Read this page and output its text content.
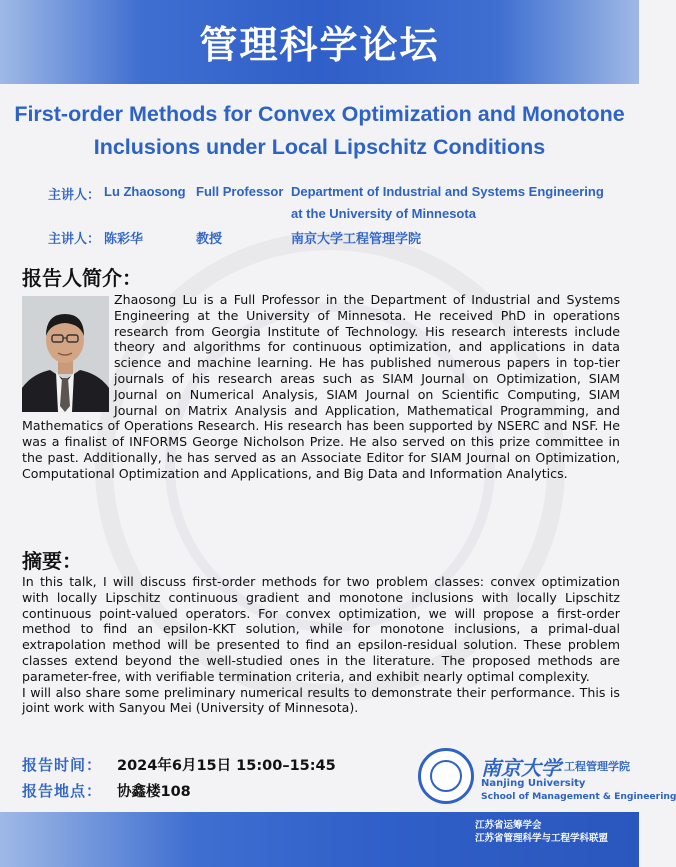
管理科学论坛
First-order Methods for Convex Optimization and Monotone
Inclusions under Local Lipschitz Conditions
主讲人： Lu Zhaosong Full Professor Department of Industrial and Systems Engineering
at the University of Minnesota
主讲人： 陈彩华	教授	南京大学工程管理学院
报告人简介：
Zhaosong Lu is a Full Professor in the Department of Industrial and Systems Engineering at the University of Minnesota. He received PhD in operations research from Georgia Institute of Technology. His research interests include theory and algorithms for continuous optimization, and applications in data science and machine learning. He has published numerous papers in top-tier journals of his research areas such as SIAM Journal on Optimization, SIAM Journal on Numerical Analysis, SIAM Journal on Scientific Computing, SIAM Journal on Matrix Analysis and Application, Mathematical Programming, and Mathematics of Operations Research. His research has been supported by NSERC and NSF. He was a finalist of INFORMS George Nicholson Prize. He also served on this prize committee in the past. Additionally, he has served as an Associate Editor for SIAM Journal on Optimization, Computational Optimization and Applications, and Big Data and Information Analytics.
摘要：

In this talk, I will discuss first-order methods for two problem classes: convex optimization with locally Lipschitz continuous gradient and monotone inclusions with locally Lipschitz continuous point-valued operators. For convex optimization, we will propose a first-order method to find an epsilon-KKT solution, while for monotone inclusions, a primal-dual extrapolation method will be presented to find an epsilon-residual solution. These problem classes extend beyond the well-studied ones in the literature. The proposed methods are parameter-free, with verifiable termination criteria, and exhibit nearly optimal complexity.

I will also share some preliminary numerical results to demonstrate their performance. This is joint work with Sanyou Mei (University of Minnesota).

报告时间： 2024年6月15日 15:00–15:45
报告地点： 协鑫楼108
南京大学 工程管理学院
Nanjing University
School of Management & Engineering
江苏省运筹学会
江苏省管理科学与工程学科联盟
